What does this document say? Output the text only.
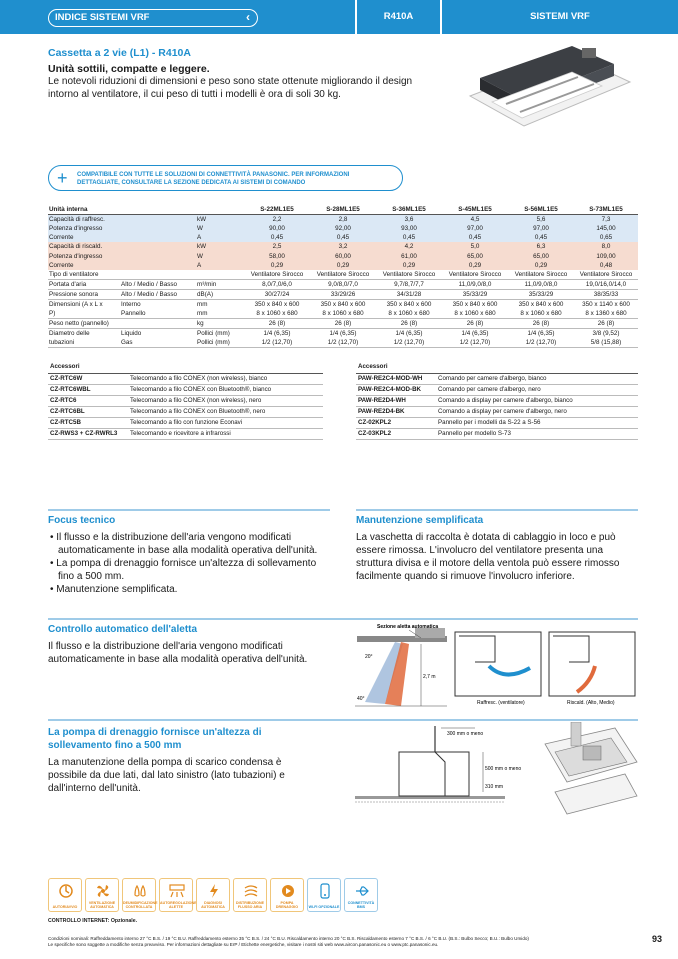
INDICE SISTEMI VRF	‹	R410A	SISTEMI VRF
Cassetta a 2 vie (L1) - R410A
Unità sottili, compatte e leggere.
Le notevoli riduzioni di dimensioni e peso sono state ottenute migliorando il design intorno al ventilatore, il cui peso di tutti i modelli è ora di soli 30 kg.
+ COMPATIBILE CON TUTTE LE SOLUZIONI DI CONNETTIVITÀ PANASONIC. PER INFORMAZIONI
DETTAGLIATE, CONSULTARE LA SEZIONE DEDICATA AI SISTEMI DI COMANDO
Unità interna			S-22ML1E5	S-28ML1E5	S-36ML1E5	S-45ML1E5	S-56ML1E5	S-73ML1E5
Capacità di raffresc.		kW	2,2	2,8	3,6	4,5	5,6	7,3
Potenza d'ingresso		W	90,00	92,00	93,00	97,00	97,00	145,00
Corrente		A	0,45	0,45	0,45	0,45	0,45	0,65
Capacità di riscald.		kW	2,5	3,2	4,2	5,0	6,3	8,0
Potenza d'ingresso		W	58,00	60,00	61,00	65,00	65,00	109,00
Corrente		A	0,29	0,29	0,29	0,29	0,29	0,48
Tipo di ventilatore			Ventilatore Sirocco	Ventilatore Sirocco	Ventilatore Sirocco	Ventilatore Sirocco	Ventilatore Sirocco	Ventilatore Sirocco
Portata d'aria	Alto / Medio / Basso	m³/min	8,0/7,0/6,0	9,0/8,0/7,0	9,7/8,7/7,7	11,0/9,0/8,0	11,0/9,0/8,0	19,0/16,0/14,0
Pressione sonora	Alto / Medio / Basso	dB(A)	30/27/24	33/29/26	34/31/28	35/33/29	35/33/29	38/35/33
Dimensioni (A x L x	Interno	mm	350 x 840 x 600	350 x 840 x 600	350 x 840 x 600	350 x 840 x 600	350 x 840 x 600	350 x 1140 x 600
P)	Pannello	mm	8 x 1060 x 680	8 x 1060 x 680	8 x 1060 x 680	8 x 1060 x 680	8 x 1060 x 680	8 x 1360 x 680
Peso netto (pannello)		kg	26 (8)	26 (8)	26 (8)	26 (8)	26 (8)	26 (8)
Diametro delle	Liquido	Pollici (mm)	1/4 (6,35)	1/4 (6,35)	1/4 (6,35)	1/4 (6,35)	1/4 (6,35)	3/8 (9,52)
tubazioni	Gas	Pollici (mm)	1/2 (12,70)	1/2 (12,70)	1/2 (12,70)	1/2 (12,70)	1/2 (12,70)	5/8 (15,88)
Accessori	
CZ-RTC6W	Telecomando a filo CONEX (non wireless), bianco
CZ-RTC6WBL	Telecomando a filo CONEX con Bluetooth®, bianco
CZ-RTC6	Telecomando a filo CONEX (non wireless), nero
CZ-RTC6BL	Telecomando a filo CONEX con Bluetooth®, nero
CZ-RTC5B	Telecomando a filo con funzione Econavi
CZ-RWS3 + CZ-RWRL3	Telecomando e ricevitore a infrarossi
Accessori	
PAW-RE2C4-MOD-WH	Comando per camere d'albergo, bianco
PAW-RE2C4-MOD-BK	Comando per camere d'albergo, nero
PAW-RE2D4-WH	Comando a display per camere d'albergo, bianco
PAW-RE2D4-BK	Comando a display per camere d'albergo, nero
CZ-02KPL2	Pannello per i modelli da S-22 a S-56
CZ-03KPL2	Pannello per modello S-73
Focus tecnico
• Il flusso e la distribuzione dell'aria vengono modificati automaticamente in base alla modalità operativa dell'unità.
• La pompa di drenaggio fornisce un'altezza di sollevamento fino a 500 mm.
• Manutenzione semplificata.
Manutenzione semplificata
La vaschetta di raccolta è dotata di cablaggio in loco e può essere rimossa. L'involucro del ventilatore presenta una struttura divisa e il motore della ventola può essere rimosso facilmente quando si rimuove l'involucro inferiore.
Controllo automatico dell'aletta
Il flusso e la distribuzione dell'aria vengono modificati automaticamente in base alla modalità operativa dell'unità.
Sezione aletta automatica
20°
40°
2,7 m
Raffresc. (ventilatore)	Riscald. (Alto, Medio)
La pompa di drenaggio fornisce un'altezza di sollevamento fino a 500 mm
La manutenzione della pompa di scarico condensa è possibile da due lati, dal lato sinistro (lato tubazioni) e dall'interno dell'unità.
300 mm o meno
500 mm o meno
310 mm
AUTORIAVVIO
VENTILAZIONE AUTOMATICA
DEUMIDIFICAZIONE CONTROLLATA
AUTOREGOLAZIONE ALETTE
DIAGNOSI AUTOMATICA
DISTRIBUZIONE FLUSSO ARIA
POMPA DRENAGGIO	WI-FI OPZIONALE
CONNETTIVITÀ BMS
CONTROLLO INTERNET: Opzionale.
Condizioni nominali: Raffreddamento interno 27 °C B.S. / 19 °C B.U. Raffreddamento esterno 35 °C B.S. / 24 °C B.U. Riscaldamento interno 20 °C B.S. Riscaldamento esterno 7 °C B.S. / 6 °C B.U. (B.S.: Bulbo Secco; B.U.: Bulbo Umido)
Le specifiche sono soggette a modifiche senza preavviso. Per informazioni dettagliate su ErP / Etichette energetiche, visitare i nostri siti web www.aircon.panasonic.eu o www.ptc.panasonic.eu.
93
